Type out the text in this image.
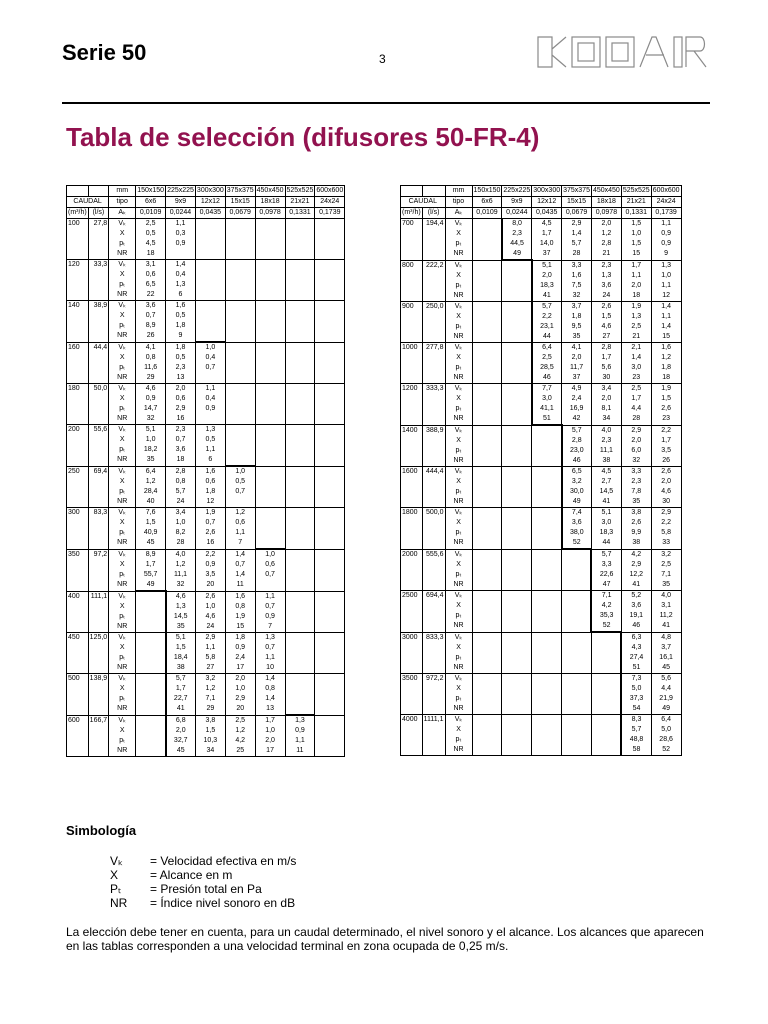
Serie 50	3
Tabla de selección (difusores 50-FR-4)
		mm	150x150	225x225	300x300	375x375	450x450	525x525	600x600
CAUDAL		tipo	6x6	9x9	12x12	15x15	18x18	21x21	24x24
(m³/h)	(l/s)	Aₖ	0,0109	0,0244	0,0435	0,0679	0,0978	0,1331	0,1739
100	27,8	Vₖ	2,5	1,1					
		X	0,5	0,3					
		pₜ	4,5	0,9					
		NR	18						
120	33,3	Vₖ	3,1	1,4					
		X	0,6	0,4					
		pₜ	6,5	1,3					
		NR	22	6					
140	38,9	Vₖ	3,6	1,6					
		X	0,7	0,5					
		pₜ	8,9	1,8					
		NR	26	9					
160	44,4	Vₖ	4,1	1,8	1,0				
		X	0,8	0,5	0,4				
		pₜ	11,6	2,3	0,7				
		NR	29	13					
180	50,0	Vₖ	4,6	2,0	1,1				
		X	0,9	0,6	0,4				
		pₜ	14,7	2,9	0,9				
		NR	32	16					
200	55,6	Vₖ	5,1	2,3	1,3				
		X	1,0	0,7	0,5				
		pₜ	18,2	3,6	1,1				
		NR	35	18	6				
250	69,4	Vₖ	6,4	2,8	1,6	1,0			
		X	1,2	0,8	0,6	0,5			
		pₜ	28,4	5,7	1,8	0,7			
		NR	40	24	12				
300	83,3	Vₖ	7,6	3,4	1,9	1,2			
		X	1,5	1,0	0,7	0,6			
		pₜ	40,9	8,2	2,6	1,1			
		NR	45	28	16	7			
350	97,2	Vₖ	8,9	4,0	2,2	1,4	1,0		
		X	1,7	1,2	0,9	0,7	0,6		
		pₜ	55,7	11,1	3,5	1,4	0,7		
		NR	49	32	20	11			
400	111,1	Vₖ		4,6	2,6	1,6	1,1		
		X		1,3	1,0	0,8	0,7		
		pₜ		14,5	4,6	1,9	0,9		
		NR		35	24	15	7		
450	125,0	Vₖ		5,1	2,9	1,8	1,3		
		X		1,5	1,1	0,9	0,7		
		pₜ		18,4	5,8	2,4	1,1		
		NR		38	27	17	10		
500	138,9	Vₖ		5,7	3,2	2,0	1,4		
		X		1,7	1,2	1,0	0,8		
		pₜ		22,7	7,1	2,9	1,4		
		NR		41	29	20	13		
600	166,7	Vₖ		6,8	3,8	2,5	1,7	1,3	
		X		2,0	1,5	1,2	1,0	0,9	
		pₜ		32,7	10,3	4,2	2,0	1,1	
		NR		45	34	25	17	11	
		mm	150x150	225x225	300x300	375x375	450x450	525x525	600x600
CAUDAL		tipo	6x6	9x9	12x12	15x15	18x18	21x21	24x24
(m³/h)	(l/s)	Aₖ	0,0109	0,0244	0,0435	0,0679	0,0978	0,1331	0,1739
700	194,4	Vₖ		8,0	4,5	2,9	2,0	1,5	1,1
		X		2,3	1,7	1,4	1,2	1,0	0,9
		pₜ		44,5	14,0	5,7	2,8	1,5	0,9
		NR		49	37	28	21	15	9
800	222,2	Vₖ			5,1	3,3	2,3	1,7	1,3
		X			2,0	1,6	1,3	1,1	1,0
		pₜ			18,3	7,5	3,6	2,0	1,1
		NR			41	32	24	18	12
900	250,0	Vₖ			5,7	3,7	2,6	1,9	1,4
		X			2,2	1,8	1,5	1,3	1,1
		pₜ			23,1	9,5	4,6	2,5	1,4
		NR			44	35	27	21	15
1000	277,8	Vₖ			6,4	4,1	2,8	2,1	1,6
		X			2,5	2,0	1,7	1,4	1,2
		pₜ			28,5	11,7	5,6	3,0	1,8
		NR			46	37	30	23	18
1200	333,3	Vₖ			7,7	4,9	3,4	2,5	1,9
		X			3,0	2,4	2,0	1,7	1,5
		pₜ			41,1	16,9	8,1	4,4	2,6
		NR			51	42	34	28	23
1400	388,9	Vₖ				5,7	4,0	2,9	2,2
		X				2,8	2,3	2,0	1,7
		pₜ				23,0	11,1	6,0	3,5
		NR				46	38	32	26
1600	444,4	Vₖ				6,5	4,5	3,3	2,6
		X				3,2	2,7	2,3	2,0
		pₜ				30,0	14,5	7,8	4,6
		NR				49	41	35	30
1800	500,0	Vₖ				7,4	5,1	3,8	2,9
		X				3,6	3,0	2,6	2,2
		pₜ				38,0	18,3	9,9	5,8
		NR				52	44	38	33
2000	555,6	Vₖ					5,7	4,2	3,2
		X					3,3	2,9	2,5
		pₜ					22,6	12,2	7,1
		NR					47	41	35
2500	694,4	Vₖ					7,1	5,2	4,0
		X					4,2	3,6	3,1
		pₜ					35,3	19,1	11,2
		NR					52	46	41
3000	833,3	Vₖ						6,3	4,8
		X						4,3	3,7
		pₜ						27,4	16,1
		NR						51	45
3500	972,2	Vₖ						7,3	5,6
		X						5,0	4,4
		pₜ						37,3	21,9
		NR						54	49
4000	1111,1	Vₖ						8,3	6,4
		X						5,7	5,0
		pₜ						48,8	28,6
		NR						58	52
Simbología
Vₖ	= Velocidad efectiva en m/s
X	= Alcance en m
Pₜ	= Presión total en Pa
NR	= Índice nivel sonoro en dB
La elección debe tener en cuenta, para un caudal determinado, el nivel sonoro y el alcance. Los alcances que aparecen en las tablas corresponden a una velocidad terminal en zona ocupada de 0,25 m/s.
